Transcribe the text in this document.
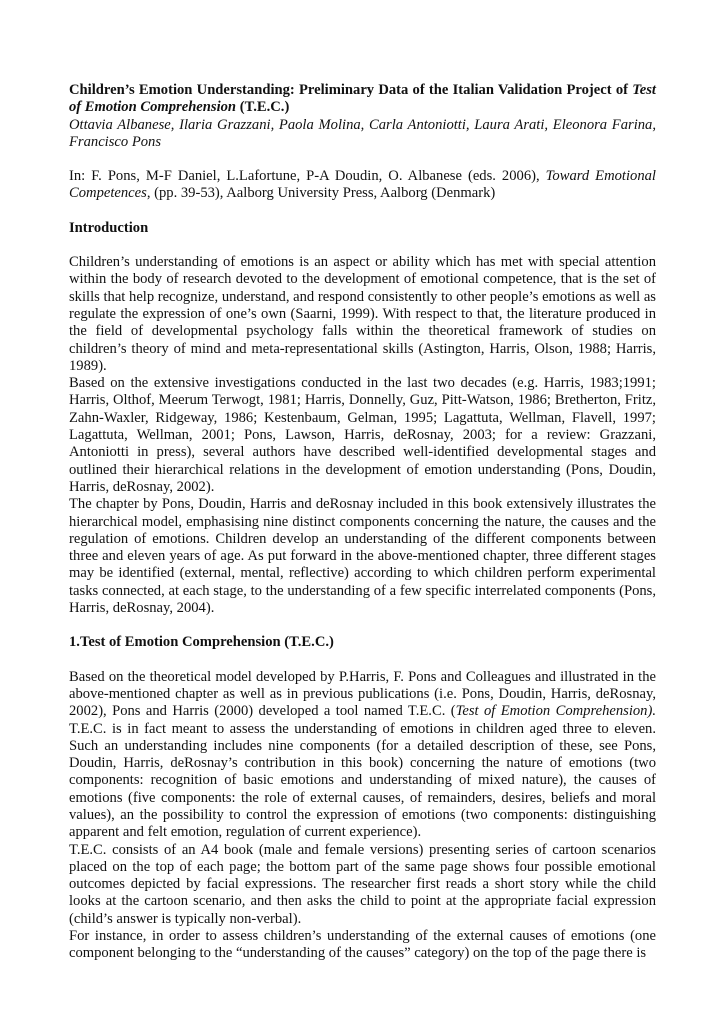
Children’s Emotion Understanding: Preliminary Data of the Italian Validation Project of Test of Emotion Comprehension (T.E.C.)

Ottavia Albanese, Ilaria Grazzani, Paola Molina, Carla Antoniotti, Laura Arati, Eleonora Farina, Francisco Pons

In: F. Pons, M-F Daniel, L.Lafortune, P-A Doudin, O. Albanese (eds. 2006), Toward Emotional Competences, (pp. 39-53), Aalborg University Press, Aalborg (Denmark)

Introduction

Children’s understanding of emotions is an aspect or ability which has met with special attention within the body of research devoted to the development of emotional competence, that is the set of skills that help recognize, understand, and respond consistently to other people’s emotions as well as regulate the expression of one’s own (Saarni, 1999). With respect to that, the literature produced in the field of developmental psychology falls within the theoretical framework of studies on children’s theory of mind and meta-representational skills (Astington, Harris, Olson, 1988; Harris, 1989).

Based on the extensive investigations conducted in the last two decades (e.g. Harris, 1983;1991; Harris, Olthof, Meerum Terwogt, 1981; Harris, Donnelly, Guz, Pitt-Watson, 1986; Bretherton, Fritz, Zahn-Waxler, Ridgeway, 1986; Kestenbaum, Gelman, 1995; Lagattuta, Wellman, Flavell, 1997; Lagattuta, Wellman, 2001; Pons, Lawson, Harris, deRosnay, 2003; for a review: Grazzani, Antoniotti in press), several authors have described well-identified developmental stages and outlined their hierarchical relations in the development of emotion understanding (Pons, Doudin, Harris, deRosnay, 2002).

The chapter by Pons, Doudin, Harris and deRosnay included in this book extensively illustrates the hierarchical model, emphasising nine distinct components concerning the nature, the causes and the regulation of emotions. Children develop an understanding of the different components between three and eleven years of age. As put forward in the above-mentioned chapter, three different stages may be identified (external, mental, reflective) according to which children perform experimental tasks connected, at each stage, to the understanding of a few specific interrelated components (Pons, Harris, deRosnay, 2004).

1.Test of Emotion Comprehension (T.E.C.)

Based on the theoretical model developed by P.Harris, F. Pons and Colleagues and illustrated in the above-mentioned chapter as well as in previous publications (i.e. Pons, Doudin, Harris, deRosnay, 2002), Pons and Harris (2000) developed a tool named T.E.C. (Test of Emotion Comprehension). T.E.C. is in fact meant to assess the understanding of emotions in children aged three to eleven. Such an understanding includes nine components (for a detailed description of these, see Pons, Doudin, Harris, deRosnay’s contribution in this book) concerning the nature of emotions (two components: recognition of basic emotions and understanding of mixed nature), the causes of emotions (five components: the role of external causes, of remainders, desires, beliefs and moral values), an the possibility to control the expression of emotions (two components: distinguishing apparent and felt emotion, regulation of current experience).

T.E.C. consists of an A4 book (male and female versions) presenting series of cartoon scenarios placed on the top of each page; the bottom part of the same page shows four possible emotional outcomes depicted by facial expressions. The researcher first reads a short story while the child looks at the cartoon scenario, and then asks the child to point at the appropriate facial expression (child’s answer is typically non-verbal).

For instance, in order to assess children’s understanding of the external causes of emotions (one component belonging to the “understanding of the causes” category) on the top of the page there is
